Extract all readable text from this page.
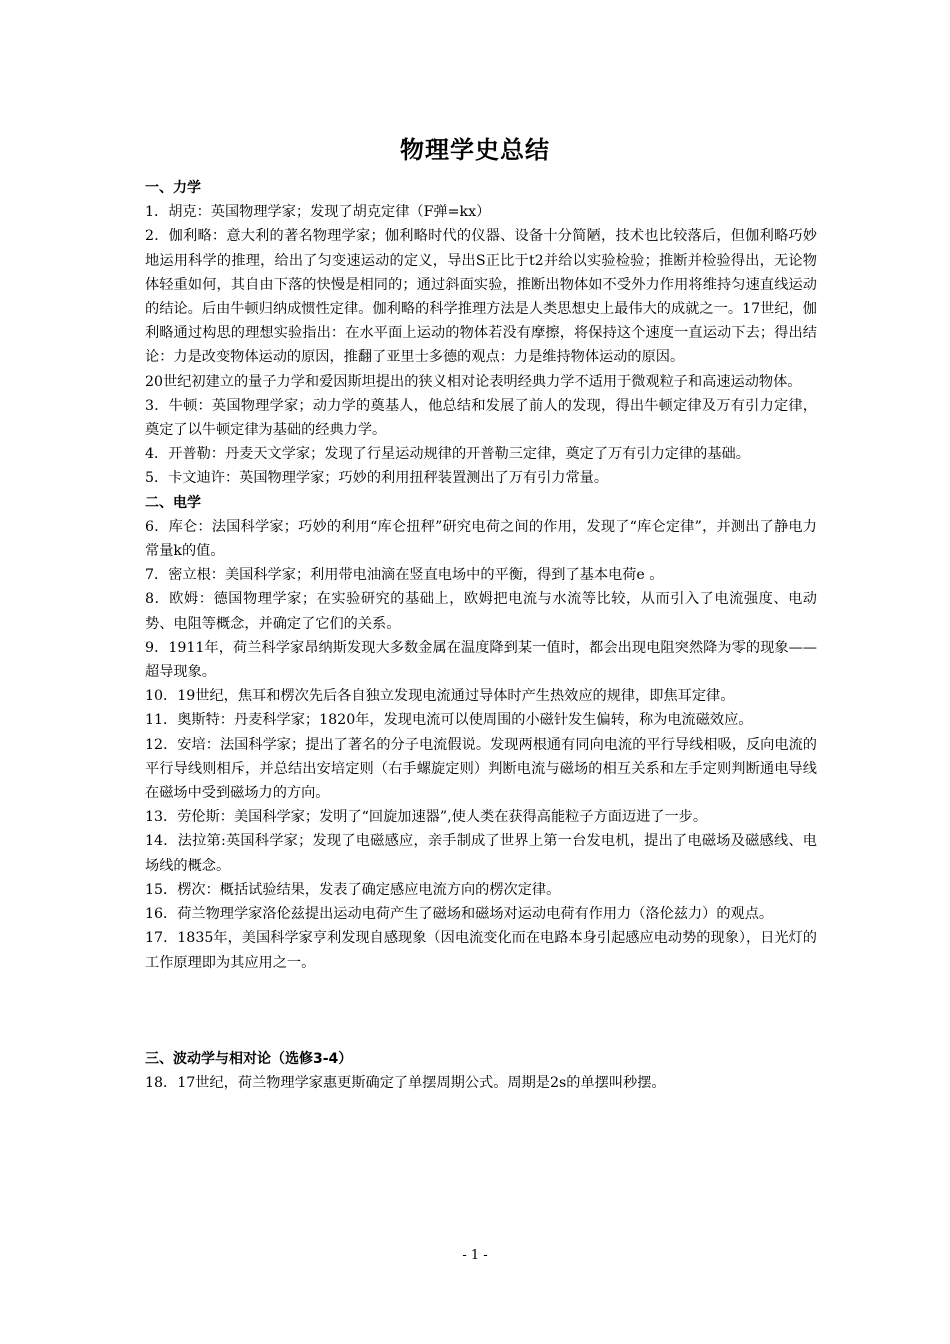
物理学史总结

一、力学

1．胡克：英国物理学家；发现了胡克定律（F弹=kx）

2．伽利略：意大利的著名物理学家；伽利略时代的仪器、设备十分简陋，技术也比较落后，但伽利略巧妙地运用科学的推理，给出了匀变速运动的定义，导出S正比于t2并给以实验检验；推断并检验得出，无论物体轻重如何，其自由下落的快慢是相同的；通过斜面实验，推断出物体如不受外力作用将维持匀速直线运动的结论。后由牛顿归纳成惯性定律。伽利略的科学推理方法是人类思想史上最伟大的成就之一。17世纪，伽利略通过构思的理想实验指出：在水平面上运动的物体若没有摩擦，将保持这个速度一直运动下去；得出结论：力是改变物体运动的原因，推翻了亚里士多德的观点：力是维持物体运动的原因。

20世纪初建立的量子力学和爱因斯坦提出的狭义相对论表明经典力学不适用于微观粒子和高速运动物体。

3．牛顿：英国物理学家；动力学的奠基人，他总结和发展了前人的发现，得出牛顿定律及万有引力定律，奠定了以牛顿定律为基础的经典力学。

4．开普勒：丹麦天文学家；发现了行星运动规律的开普勒三定律，奠定了万有引力定律的基础。

5．卡文迪许：英国物理学家；巧妙的利用扭秤装置测出了万有引力常量。

二、电学

6．库仑：法国科学家；巧妙的利用“库仑扭秤”研究电荷之间的作用，发现了“库仑定律”，并测出了静电力常量k的值。

7．密立根：美国科学家；利用带电油滴在竖直电场中的平衡，得到了基本电荷e 。

8．欧姆：德国物理学家；在实验研究的基础上，欧姆把电流与水流等比较，从而引入了电流强度、电动势、电阻等概念，并确定了它们的关系。

9．1911年，荷兰科学家昂纳斯发现大多数金属在温度降到某一值时，都会出现电阻突然降为零的现象——超导现象。

10．19世纪，焦耳和楞次先后各自独立发现电流通过导体时产生热效应的规律，即焦耳定律。

11．奥斯特：丹麦科学家；1820年，发现电流可以使周围的小磁针发生偏转，称为电流磁效应。

12．安培：法国科学家；提出了著名的分子电流假说。发现两根通有同向电流的平行导线相吸，反向电流的平行导线则相斥，并总结出安培定则（右手螺旋定则）判断电流与磁场的相互关系和左手定则判断通电导线在磁场中受到磁场力的方向。

13．劳伦斯：美国科学家；发明了“回旋加速器”,使人类在获得高能粒子方面迈进了一步。

14．法拉第:英国科学家；发现了电磁感应，亲手制成了世界上第一台发电机，提出了电磁场及磁感线、电场线的概念。

15．楞次：概括试验结果，发表了确定感应电流方向的楞次定律。

16．荷兰物理学家洛伦兹提出运动电荷产生了磁场和磁场对运动电荷有作用力（洛伦兹力）的观点。

17．1835年，美国科学家亨利发现自感现象（因电流变化而在电路本身引起感应电动势的现象），日光灯的工作原理即为其应用之一。

三、波动学与相对论（选修3-4）

18．17世纪，荷兰物理学家惠更斯确定了单摆周期公式。周期是2s的单摆叫秒摆。

- 1 -
